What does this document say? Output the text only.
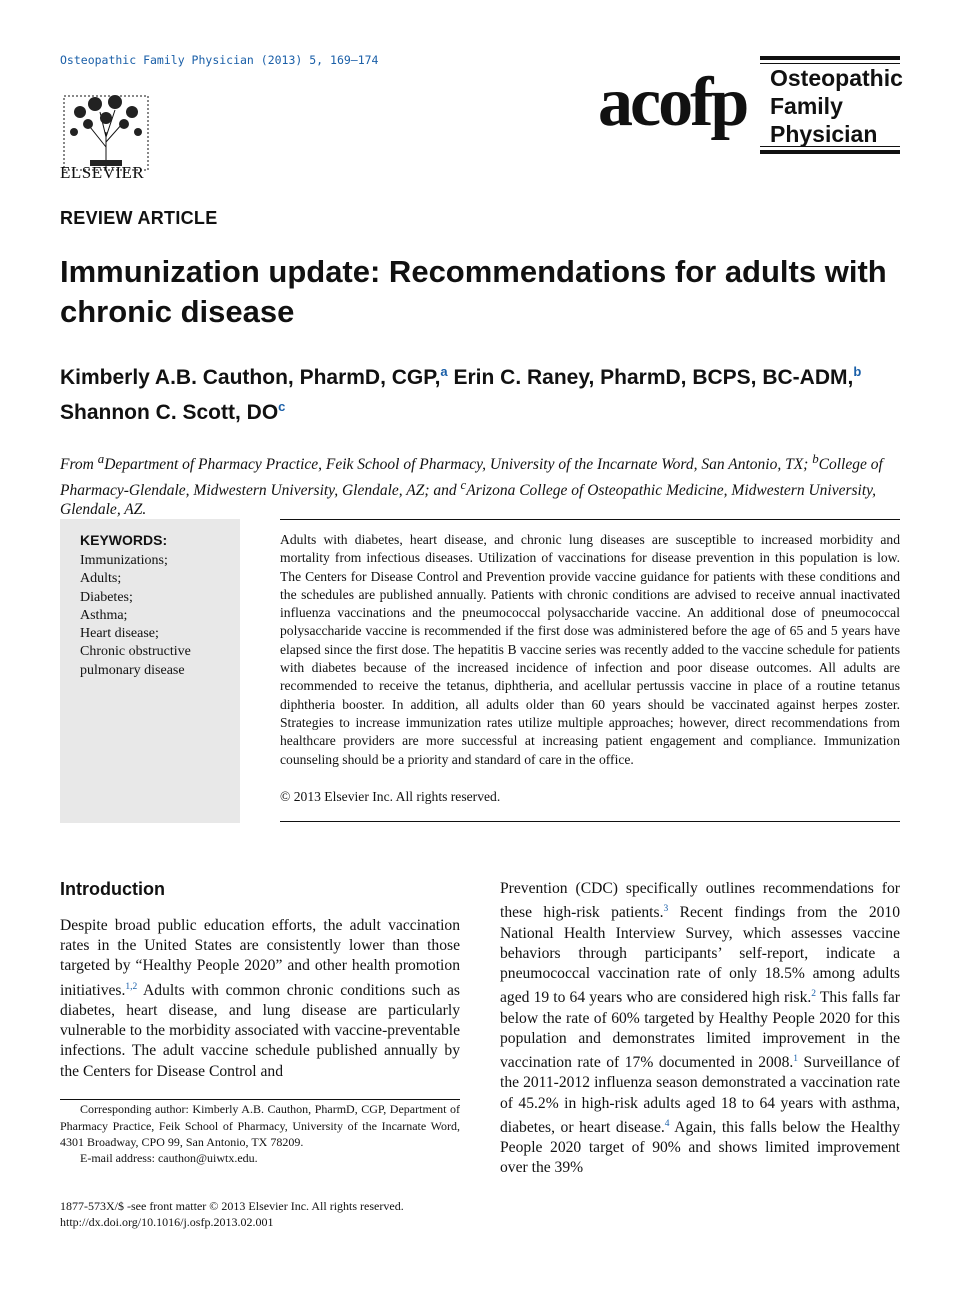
Osteopathic Family Physician (2013) 5, 169–174
ELSEVIER
acofp Osteopathic
Family
Physician
REVIEW ARTICLE
Immunization update: Recommendations for adults with chronic disease
Kimberly A.B. Cauthon, PharmD, CGP,$^a$ Erin C. Raney, PharmD, BCPS, BC-ADM,$^b$
Shannon C. Scott, $DO^c$
From $^a$Department of Pharmacy Practice, Feik School of Pharmacy, University of the Incarnate Word, San Antonio, TX; $^b$College of Pharmacy-Glendale, Midwestern University, Glendale, AZ; and $^c$Arizona College of Osteopathic Medicine, Midwestern University, Glendale, AZ.
KEYWORDS:
Immunizations;
Adults;
Diabetes;
Asthma;
Heart disease;
Chronic obstructive
pulmonary disease
Adults with diabetes, heart disease, and chronic lung diseases are susceptible to increased morbidity and mortality from infectious diseases. Utilization of vaccinations for disease prevention in this population is low. The Centers for Disease Control and Prevention provide vaccine guidance for patients with these conditions and the schedules are published annually. Patients with chronic conditions are advised to receive annual inactivated influenza vaccinations and the pneumococcal polysaccharide vaccine. An additional dose of pneumococcal polysaccharide vaccine is recommended if the first dose was administered before the age of 65 and 5 years have elapsed since the first dose. The hepatitis B vaccine series was recently added to the vaccine schedule for patients with diabetes because of the increased incidence of infection and poor disease outcomes. All adults are recommended to receive the tetanus, diphtheria, and acellular pertussis vaccine in place of a routine tetanus diphtheria booster. In addition, all adults older than 60 years should be vaccinated against herpes zoster. Strategies to increase immunization rates utilize multiple approaches; however, direct recommendations from healthcare providers are more successful at increasing patient engagement and compliance. Immunization counseling should be a priority and standard of care in the office.
© 2013 Elsevier Inc. All rights reserved.
Introduction
Despite broad public education efforts, the adult vaccination rates in the United States are consistently lower than those targeted by “Healthy People 2020” and other health promotion initiatives.$^{1,2}$ Adults with common chronic conditions such as diabetes, heart disease, and lung disease are particularly vulnerable to the morbidity associated with vaccine-preventable infections. The adult vaccine schedule published annually by the Centers for Disease Control and
Prevention (CDC) specifically outlines recommendations for these high-risk patients.$^3$ Recent findings from the 2010 National Health Interview Survey, which assesses vaccine behaviors through participants’ self-report, indicate a pneumococcal vaccination rate of only 18.5% among adults aged 19 to 64 years who are considered high risk.$^2$ This falls far below the rate of 60% targeted by Healthy People 2020 for this population and demonstrates limited improvement in the vaccination rate of 17% documented in 2008.$^1$ Surveillance of the 2011-2012 influenza season demonstrated a vaccination rate of 45.2% in high-risk adults aged 18 to 64 years with asthma, diabetes, or heart disease.$^4$ Again, this falls below the Healthy People 2020 target of 90% and shows limited improvement over the 39%
Corresponding author: Kimberly A.B. Cauthon, PharmD, CGP, Department of Pharmacy Practice, Feik School of Pharmacy, University of the Incarnate Word, 4301 Broadway, CPO 99, San Antonio, TX 78209.
E-mail address: cauthon@uiwtx.edu.
1877-573X/$ -see front matter © 2013 Elsevier Inc. All rights reserved.
http://dx.doi.org/10.1016/j.osfp.2013.02.001
